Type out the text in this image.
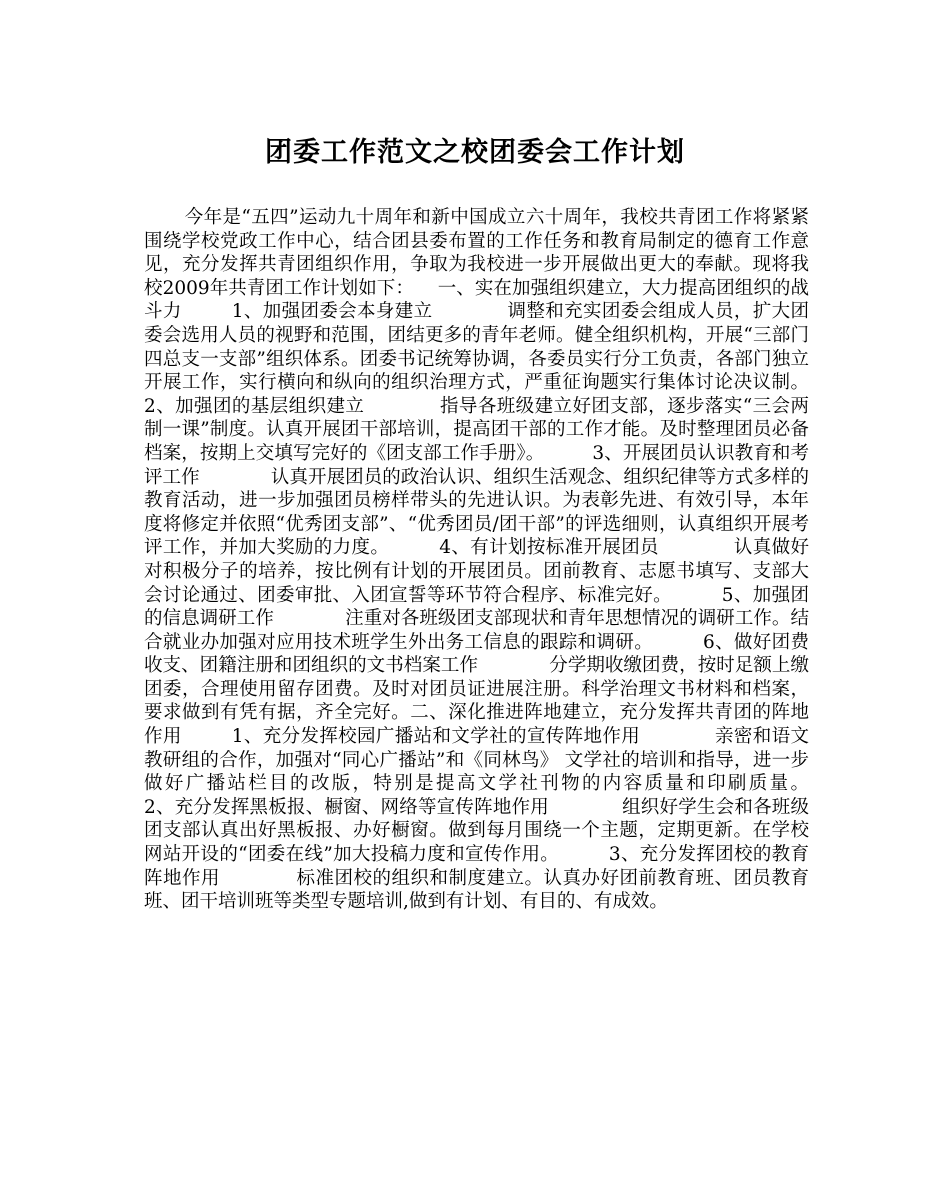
团委工作范文之校团委会工作计划

今年是“五四”运动九十周年和新中国成立六十周年，我校共青团工作将紧紧围绕学校党政工作中心，结合团县委布置的工作任务和教育局制定的德育工作意见，充分发挥共青团组织作用，争取为我校进一步开展做出更大的奉献。现将我校2009年共青团工作计划如下：    一、实在加强组织建立，大力提高团组织的战斗力        1、加强团委会本身建立            调整和充实团委会组成人员，扩大团委会选用人员的视野和范围，团结更多的青年老师。健全组织机构，开展“三部门四总支一支部”组织体系。团委书记统筹协调，各委员实行分工负责，各部门独立开展工作，实行横向和纵向的组织治理方式，严重征询题实行集体讨论决议制。        2、加强团的基层组织建立            指导各班级建立好团支部，逐步落实“三会两制一课”制度。认真开展团干部培训，提高团干部的工作才能。及时整理团员必备档案，按期上交填写完好的《团支部工作手册》。        3、开展团员认识教育和考评工作            认真开展团员的政治认识、组织生活观念、组织纪律等方式多样的教育活动，进一步加强团员榜样带头的先进认识。为表彰先进、有效引导，本年度将修定并依照“优秀团支部”、“优秀团员/团干部”的评选细则，认真组织开展考评工作，并加大奖励的力度。        4、有计划按标准开展团员            认真做好对积极分子的培养，按比例有计划的开展团员。团前教育、志愿书填写、支部大会讨论通过、团委审批、入团宣誓等环节符合程序、标准完好。        5、加强团的信息调研工作            注重对各班级团支部现状和青年思想情况的调研工作。结合就业办加强对应用技术班学生外出务工信息的跟踪和调研。        6、做好团费收支、团籍注册和团组织的文书档案工作            分学期收缴团费，按时足额上缴团委，合理使用留存团费。及时对团员证进展注册。科学治理文书材料和档案，要求做到有凭有据，齐全完好。二、深化推进阵地建立，充分发挥共青团的阵地作用        1、充分发挥校园广播站和文学社的宣传阵地作用            亲密和语文教研组的合作，加强对“同心广播站”和《同林鸟》 文学社的培训和指导，进一步做好广播站栏目的改版，特别是提高文学社刊物的内容质量和印刷质量。        2、充分发挥黑板报、橱窗、网络等宣传阵地作用            组织好学生会和各班级团支部认真出好黑板报、办好橱窗。做到每月围绕一个主题，定期更新。在学校网站开设的“团委在线”加大投稿力度和宣传作用。        3、充分发挥团校的教育阵地作用            标准团校的组织和制度建立。认真办好团前教育班、团员教育班、团干培训班等类型专题培训,做到有计划、有目的、有成效。
